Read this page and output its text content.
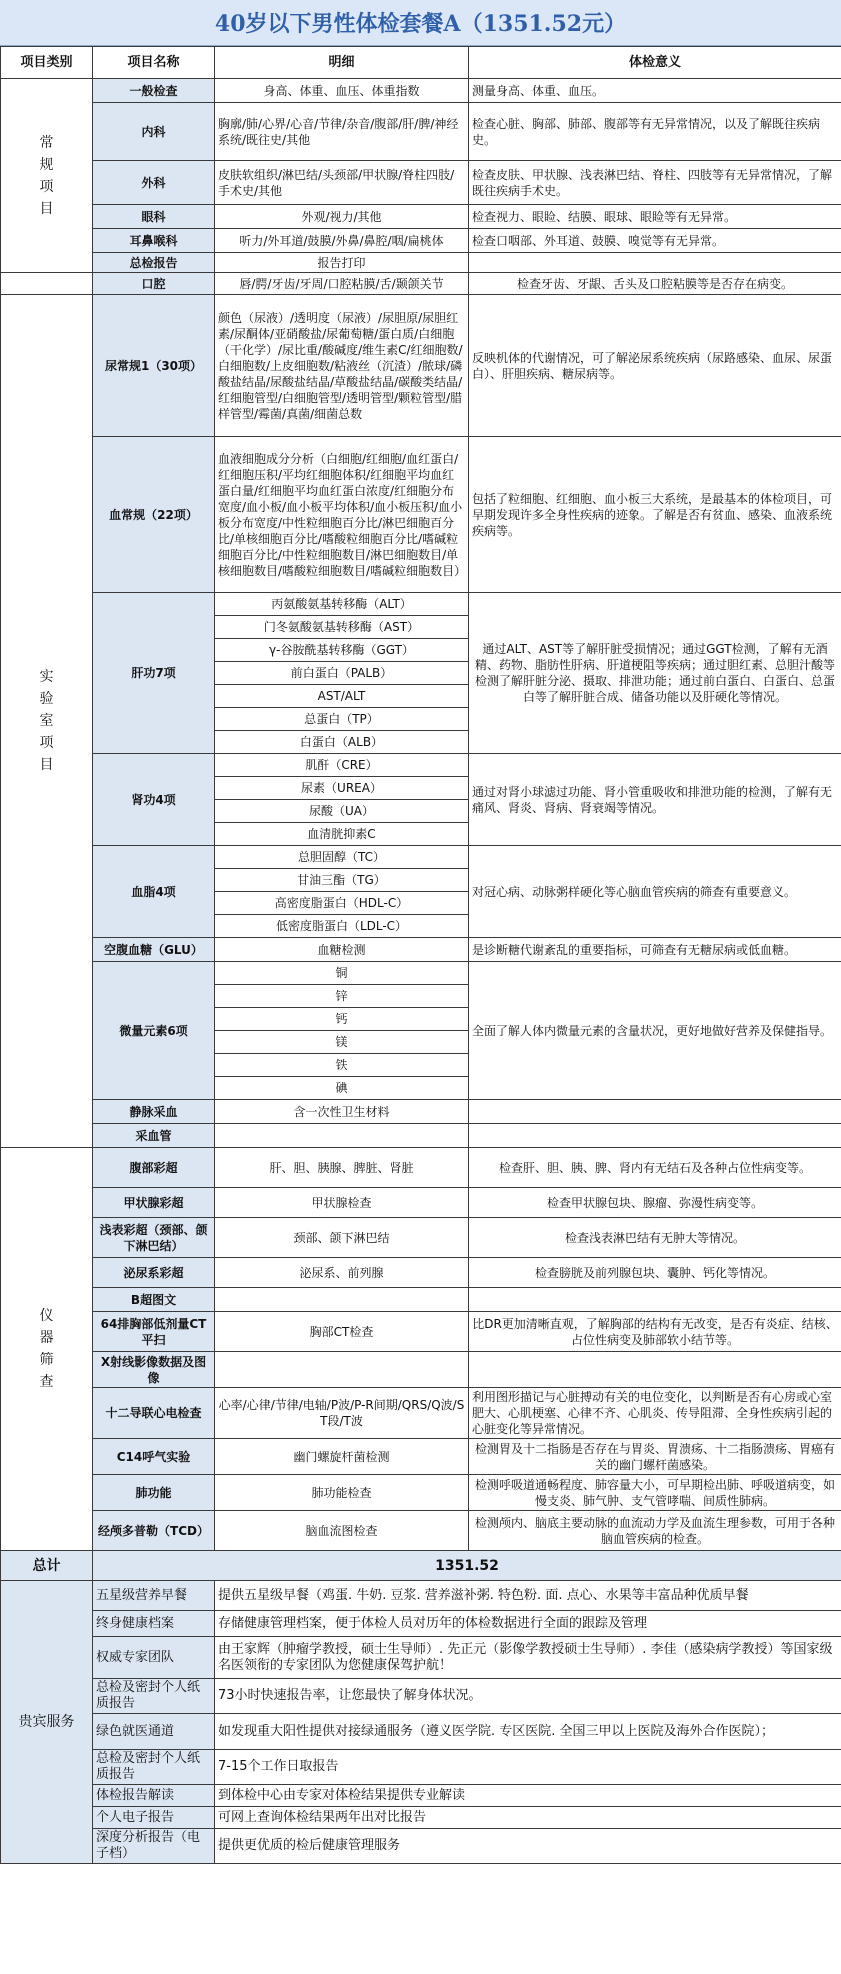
40岁以下男性体检套餐A（1351.52元）
项目类别	项目名称	明细	体检意义
常规项目	一般检查	身高、体重、血压、体重指数	测量身高、体重、血压。
	内科	胸廓/肺/心界/心音/节律/杂音/腹部/肝/脾/神经系统/既往史/其他	检查心脏、胸部、肺部、腹部等有无异常情况，以及了解既往疾病史。
	外科	皮肤软组织/淋巴结/头颈部/甲状腺/脊柱四肢/手术史/其他	检查皮肤、甲状腺、浅表淋巴结、脊柱、四肢等有无异常情况，了解既往疾病手术史。
	眼科	外观/视力/其他	检查视力、眼睑、结膜、眼球、眼睑等有无异常。
	耳鼻喉科	听力/外耳道/鼓膜/外鼻/鼻腔/咽/扁桃体	检查口咽部、外耳道、鼓膜、嗅觉等有无异常。
	总检报告	报告打印	
	口腔	唇/腭/牙齿/牙周/口腔粘膜/舌/颞颌关节	检查牙齿、牙龈、舌头及口腔粘膜等是否存在病变。
实验室项目	尿常规1（30项）	颜色（尿液）/透明度（尿液）/尿胆原/尿胆红素/尿酮体/亚硝酸盐/尿葡萄糖/蛋白质/白细胞（干化学）/尿比重/酸碱度/维生素C/红细胞数/白细胞数/上皮细胞数/粘液丝（沉渣）/脓球/磷酸盐结晶/尿酸盐结晶/草酸盐结晶/碳酸类结晶/红细胞管型/白细胞管型/透明管型/颗粒管型/腊样管型/霉菌/真菌/细菌总数	反映机体的代谢情况，可了解泌尿系统疾病（尿路感染、血尿、尿蛋白）、肝胆疾病、糖尿病等。
	血常规（22项）	血液细胞成分分析（白细胞/红细胞/血红蛋白/红细胞压积/平均红细胞体积/红细胞平均血红蛋白量/红细胞平均血红蛋白浓度/红细胞分布宽度/血小板/血小板平均体积/血小板压积/血小板分布宽度/中性粒细胞百分比/淋巴细胞百分比/单核细胞百分比/嗜酸粒细胞百分比/嗜碱粒细胞百分比/中性粒细胞数目/淋巴细胞数目/单核细胞数目/嗜酸粒细胞数目/嗜碱粒细胞数目）	包括了粒细胞、红细胞、血小板三大系统，是最基本的体检项目，可早期发现许多全身性疾病的迹象。了解是否有贫血、感染、血液系统疾病等。
	肝功7项	丙氨酸氨基转移酶（ALT）	通过ALT、AST等了解肝脏受损情况；通过GGT检测，了解有无酒精、药物、脂肪性肝病、肝道梗阻等疾病；通过胆红素、总胆汁酸等检测了解肝脏分泌、摄取、排泄功能；通过前白蛋白、白蛋白、总蛋白等了解肝脏合成、储备功能以及肝硬化等情况。
		门冬氨酸氨基转移酶（AST）	
		γ-谷胺酰基转移酶（GGT）	
		前白蛋白（PALB）	
		AST/ALT	
		总蛋白（TP）	
		白蛋白（ALB）	
	肾功4项	肌酐（CRE）	通过对肾小球滤过功能、肾小管重吸收和排泄功能的检测，了解有无痛风、肾炎、肾病、肾衰竭等情况。
		尿素（UREA）	
		尿酸（UA）	
		血清胱抑素C	
	血脂4项	总胆固醇（TC）	对冠心病、动脉粥样硬化等心脑血管疾病的筛查有重要意义。
		甘油三酯（TG）	
		高密度脂蛋白（HDL-C）	
		低密度脂蛋白（LDL-C）	
	空腹血糖（GLU）	血糖检测	是诊断糖代谢紊乱的重要指标，可筛查有无糖尿病或低血糖。
	微量元素6项	铜	全面了解人体内微量元素的含量状况，更好地做好营养及保健指导。
		锌	
		钙	
		镁	
		铁	
		碘	
	静脉采血	含一次性卫生材料	
	采血管		
仪器筛查	腹部彩超	肝、胆、胰腺、脾脏、肾脏	检查肝、胆、胰、脾、肾内有无结石及各种占位性病变等。
	甲状腺彩超	甲状腺检查	检查甲状腺包块、腺瘤、弥漫性病变等。
	浅表彩超（颈部、颌下淋巴结）	颈部、颌下淋巴结	检查浅表淋巴结有无肿大等情况。
	泌尿系彩超	泌尿系、前列腺	检查膀胱及前列腺包块、囊肿、钙化等情况。
	B超图文		
	64排胸部低剂量CT平扫	胸部CT检查	比DR更加清晰直观，了解胸部的结构有无改变，是否有炎症、结核、占位性病变及肺部软小结节等。
	X射线影像数据及图像		
	十二导联心电检查	心率/心律/节律/电轴/P波/P-R间期/QRS/Q波/ST段/T波	利用图形描记与心脏搏动有关的电位变化，以判断是否有心房或心室肥大、心肌梗塞、心律不齐、心肌炎、传导阻滞、全身性疾病引起的心脏变化等异常情况。
	C14呼气实验	幽门螺旋杆菌检测	检测胃及十二指肠是否存在与胃炎、胃溃疡、十二指肠溃疡、胃癌有关的幽门螺杆菌感染。
	肺功能	肺功能检查	检测呼吸道通畅程度、肺容量大小，可早期检出肺、呼吸道病变，如慢支炎、肺气肿、支气管哮喘、间质性肺病。
	经颅多普勒（TCD）	脑血流图检查	检测颅内、脑底主要动脉的血流动力学及血流生理参数，可用于各种脑血管疾病的检查。
总计	1351.52		
贵宾服务	五星级营养早餐	提供五星级早餐（鸡蛋. 牛奶. 豆浆. 营养滋补粥. 特色粉. 面. 点心、水果等丰富品种优质早餐	
	终身健康档案	存储健康管理档案，便于体检人员对历年的体检数据进行全面的跟踪及管理	
	权威专家团队	由王家辉（肿瘤学教授，硕士生导师）. 先正元（影像学教授硕士生导师）. 李佳（感染病学教授）等国家级名医领衔的专家团队为您健康保驾护航！	
	总检及密封个人纸质报告	73小时快速报告率，让您最快了解身体状况。	
	绿色就医通道	如发现重大阳性提供对接绿通服务（遵义医学院. 专区医院. 全国三甲以上医院及海外合作医院）；	
	总检及密封个人纸质报告	7-15个工作日取报告	
	体检报告解读	到体检中心由专家对体检结果提供专业解读	
	个人电子报告	可网上查询体检结果两年出对比报告	
	深度分析报告（电子档）	提供更优质的检后健康管理服务	
